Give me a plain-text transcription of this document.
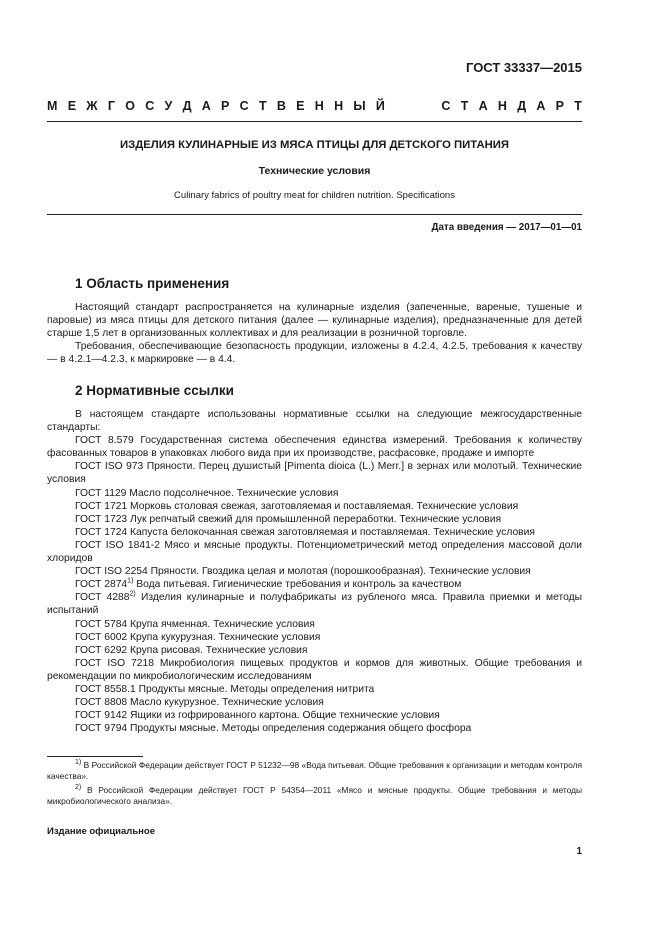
ГОСТ 33337—2015
М Е Ж Г О С У Д А Р С Т В Е Н Н Ы Й	С Т А Н Д А Р Т
ИЗДЕЛИЯ КУЛИНАРНЫЕ ИЗ МЯСА ПТИЦЫ ДЛЯ ДЕТСКОГО ПИТАНИЯ
Технические условия
Culinary fabrics of poultry meat for children nutrition. Specifications
Дата введения — 2017—01—01
1 Область применения

Настоящий стандарт распространяется на кулинарные изделия (запеченные, вареные, тушеные и паровые) из мяса птицы для детского питания (далее — кулинарные изделия), предназначенные для детей старше 1,5 лет в организованных коллективах и для реализации в розничной торговле.

Требования, обеспечивающие безопасность продукции, изложены в 4.2.4, 4.2.5, требования к качеству — в 4.2.1—4.2.3, к маркировке — в 4.4.

2 Нормативные ссылки

В настоящем стандарте использованы нормативные ссылки на следующие межгосударственные стандарты:

ГОСТ 8.579 Государственная система обеспечения единства измерений. Требования к количеству фасованных товаров в упаковках любого вида при их производстве, расфасовке, продаже и импорте

ГОСТ ISO 973 Пряности. Перец душистый [Pimenta dioica (L.) Merr.] в зернах или молотый. Технические условия

ГОСТ 1129 Масло подсолнечное. Технические условия

ГОСТ 1721 Морковь столовая свежая, заготовляемая и поставляемая. Технические условия

ГОСТ 1723 Лук репчатый свежий для промышленной переработки. Технические условия

ГОСТ 1724 Капуста белокочанная свежая заготовляемая и поставляемая. Технические условия

ГОСТ ISO 1841-2 Мясо и мясные продукты. Потенциометрический метод определения массовой доли хлоридов

ГОСТ ISO 2254 Пряности. Гвоздика целая и молотая (порошкообразная). Технические условия

ГОСТ 2874$^{1)}$ Вода питьевая. Гигиенические требования и контроль за качеством

ГОСТ 4288$^{2)}$ Изделия кулинарные и полуфабрикаты из рубленого мяса. Правила приемки и методы испытаний

ГОСТ 5784 Крупа ячменная. Технические условия

ГОСТ 6002 Крупа кукурузная. Технические условия

ГОСТ 6292 Крупа рисовая. Технические условия

ГОСТ ISO 7218 Микробиология пищевых продуктов и кормов для животных. Общие требования и рекомендации по микробиологическим исследованиям

ГОСТ 8558.1 Продукты мясные. Методы определения нитрита

ГОСТ 8808 Масло кукурузное. Технические условия

ГОСТ 9142 Ящики из гофрированного картона. Общие технические условия

ГОСТ 9794 Продукты мясные. Методы определения содержания общего фосфора

$^{1)}$ В Российской Федерации действует ГОСТ Р 51232—98 «Вода питьевая. Общие требования к организации и методам контроля качества».

$^{2)}$ В Российской Федерации действует ГОСТ Р 54354—2011 «Мясо и мясные продукты. Общие требования и методы микробиологического анализа».

Издание официальное
1
